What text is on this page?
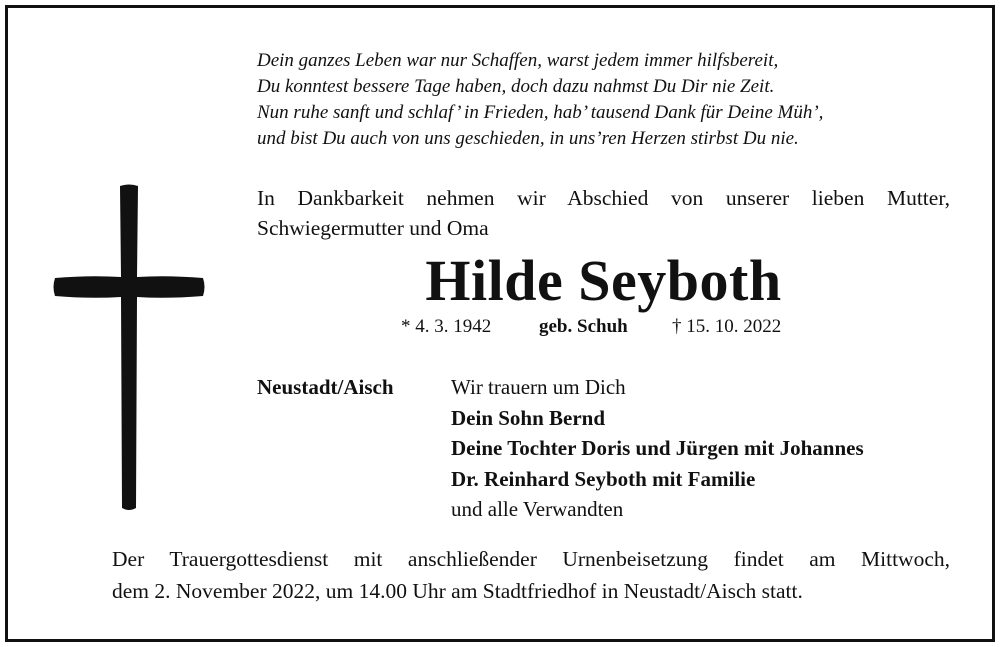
Dein ganzes Leben war nur Schaffen, warst jedem immer hilfsbereit,
Du konntest bessere Tage haben, doch dazu nahmst Du Dir nie Zeit.
Nun ruhe sanft und schlaf’ in Frieden, hab’ tausend Dank für Deine Müh’,
und bist Du auch von uns geschieden, in uns’ren Herzen stirbst Du nie.
In Dankbarkeit nehmen wir Abschied von unserer lieben Mutter,
Schwiegermutter und Oma
Hilde Seyboth
* 4. 3. 1942	geb. Schuh † 15. 10. 2022
Neustadt/Aisch	Wir trauern um Dich
Dein Sohn Bernd
Deine Tochter Doris und Jürgen mit Johannes
Dr. Reinhard Seyboth mit Familie
und alle Verwandten
Der Trauergottesdienst mit anschließender Urnenbeisetzung findet am Mittwoch,
dem 2. November 2022, um 14.00 Uhr am Stadtfriedhof in Neustadt/Aisch statt.
